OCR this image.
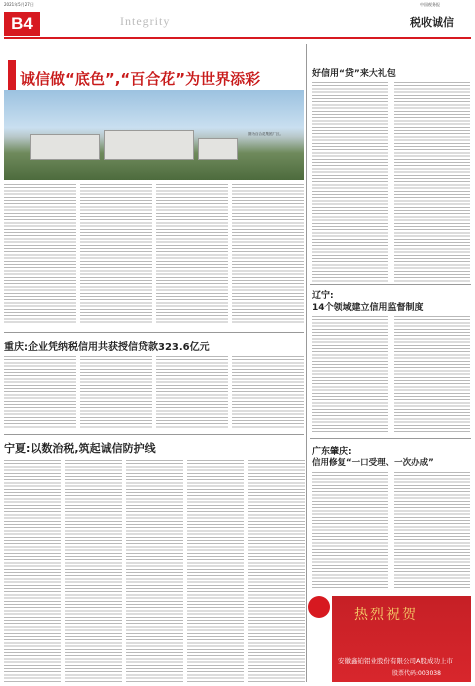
2021年5月27日	中国税务报
B4	Integrity	税收诚信
诚信做“底色”,“百合花”为世界添彩
图为百合花集团厂区。
重庆:企业凭纳税信用共获授信贷款323.6亿元
宁夏:以数治税,筑起诚信防护线
好信用“贷”来大礼包
辽宁:
14个领域建立信用监督制度
广东肇庆:
信用修复“一口受理、一次办成”
热烈祝贺
安徽鑫铂铝业股份有限公司A股成功上市
股票代码:003038
